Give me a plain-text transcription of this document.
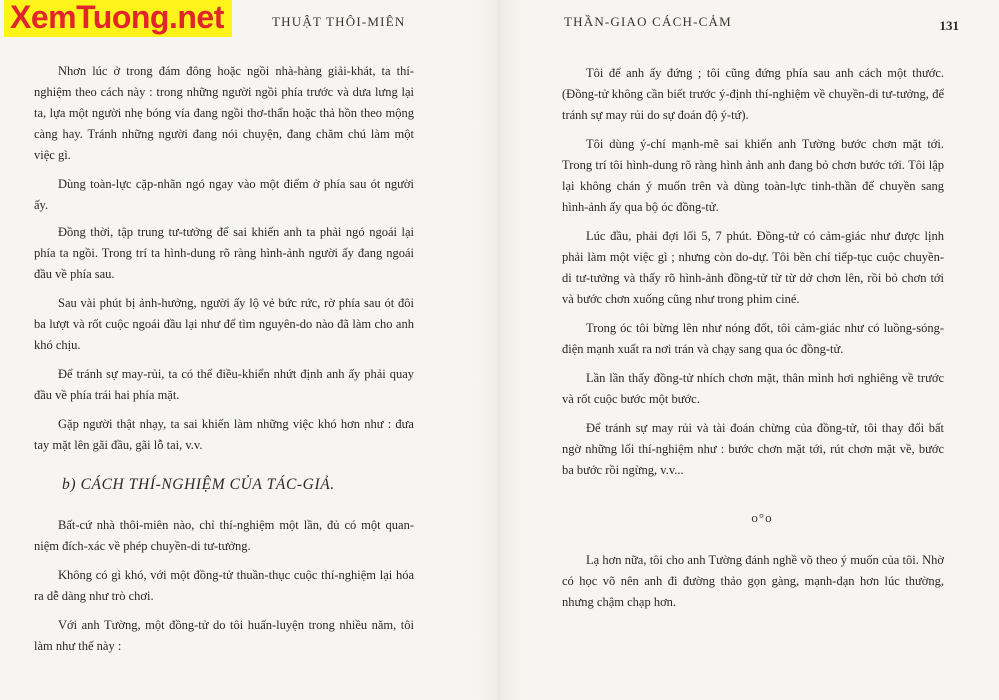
XemTuong.net	THUẬT THÔI-MIÊN

Nhơn lúc ở trong đám đông hoặc ngồi nhà-hàng giải-khát, ta thí-nghiệm theo cách này : trong những người ngồi phía trước và dưa lưng lại ta, lựa một người nhẹ bóng vía đang ngồi thơ-thẩn hoặc thả hồn theo mộng càng hay. Tránh những người đang nói chuyện, đang chăm chú làm một việc gì.

Dùng toàn-lực cặp-nhãn ngó ngay vào một điểm ở phía sau ót người ấy.

Đồng thời, tập trung tư-tưởng để sai khiến anh ta phải ngó ngoái lại phía ta ngồi. Trong trí ta hình-dung rõ ràng hình-ảnh người ấy đang ngoái đầu về phía sau.

Sau vài phút bị ảnh-hưởng, người ấy lộ vẻ bức rức, rờ phía sau ót đôi ba lượt và rốt cuộc ngoái đầu lại như để tìm nguyên-do nào đã làm cho anh khó chịu.

Để tránh sự may-rủi, ta có thể điều-khiển nhứt định anh ấy phải quay đầu về phía trái hai phía mặt.

Gặp người thật nhạy, ta sai khiến làm những việc khó hơn như : đưa tay mặt lên gãi đầu, gãi lỗ tai, v.v.

b) CÁCH THÍ-NGHIỆM CỦA TÁC-GIẢ.

Bất-cứ nhà thôi-miên nào, chỉ thí-nghiệm một lần, đủ có một quan-niệm đích-xác về phép chuyền-di tư-tưởng.

Không có gì khó, với một đồng-tử thuần-thục cuộc thí-nghiệm lại hóa ra dễ dàng như trò chơi.

Với anh Tường, một đồng-tử do tôi huấn-luyện trong nhiều năm, tôi làm như thế này :

THẦN-GIAO CÁCH-CẢM	131

Tôi để anh ấy đứng ; tôi cũng đứng phía sau anh cách một thước. (Đồng-tử không cần biết trước ý-định thí-nghiệm về chuyền-di tư-tưởng, để tránh sự may rủi do sự đoán độ ý-tứ).

Tôi dùng ý-chí mạnh-mẽ sai khiến anh Tường bước chơn mặt tới. Trong trí tôi hình-dung rõ ràng hình ảnh anh đang bỏ chơn bước tới. Tôi lập lại không chán ý muốn trên và dùng toàn-lực tinh-thần để chuyền sang hình-ảnh ấy qua bộ óc đồng-tử.

Lúc đầu, phải đợi lối 5, 7 phút. Đồng-tử có cảm-giác như được lịnh phải làm một việc gì ; nhưng còn do-dự. Tôi bền chí tiếp-tục cuộc chuyền-di tư-tưởng và thấy rõ hình-ảnh đồng-tử từ từ dở chơn lên, rồi bỏ chơn tới và bước chơn xuống cũng như trong phim ciné.

Trong óc tôi bừng lên như nóng đốt, tôi cảm-giác như có luồng-sóng-điện mạnh xuất ra nơi trán và chạy sang qua óc đồng-tử.

Lần lần thấy đồng-tử nhích chơn mặt, thân mình hơi nghiêng về trước và rốt cuộc bước một bước.

Để tránh sự may rủi và tài đoán chừng của đồng-tử, tôi thay đổi bất ngờ những lối thí-nghiệm như : bước chơn mặt tới, rút chơn mặt về, bước ba bước rồi ngừng, v.v...

o°o

Lạ hơn nữa, tôi cho anh Tường đánh nghề võ theo ý muốn của tôi. Nhờ có học võ nên anh đi đường thảo gọn gàng, mạnh-dạn hơn lúc thường, nhưng chậm chạp hơn.
